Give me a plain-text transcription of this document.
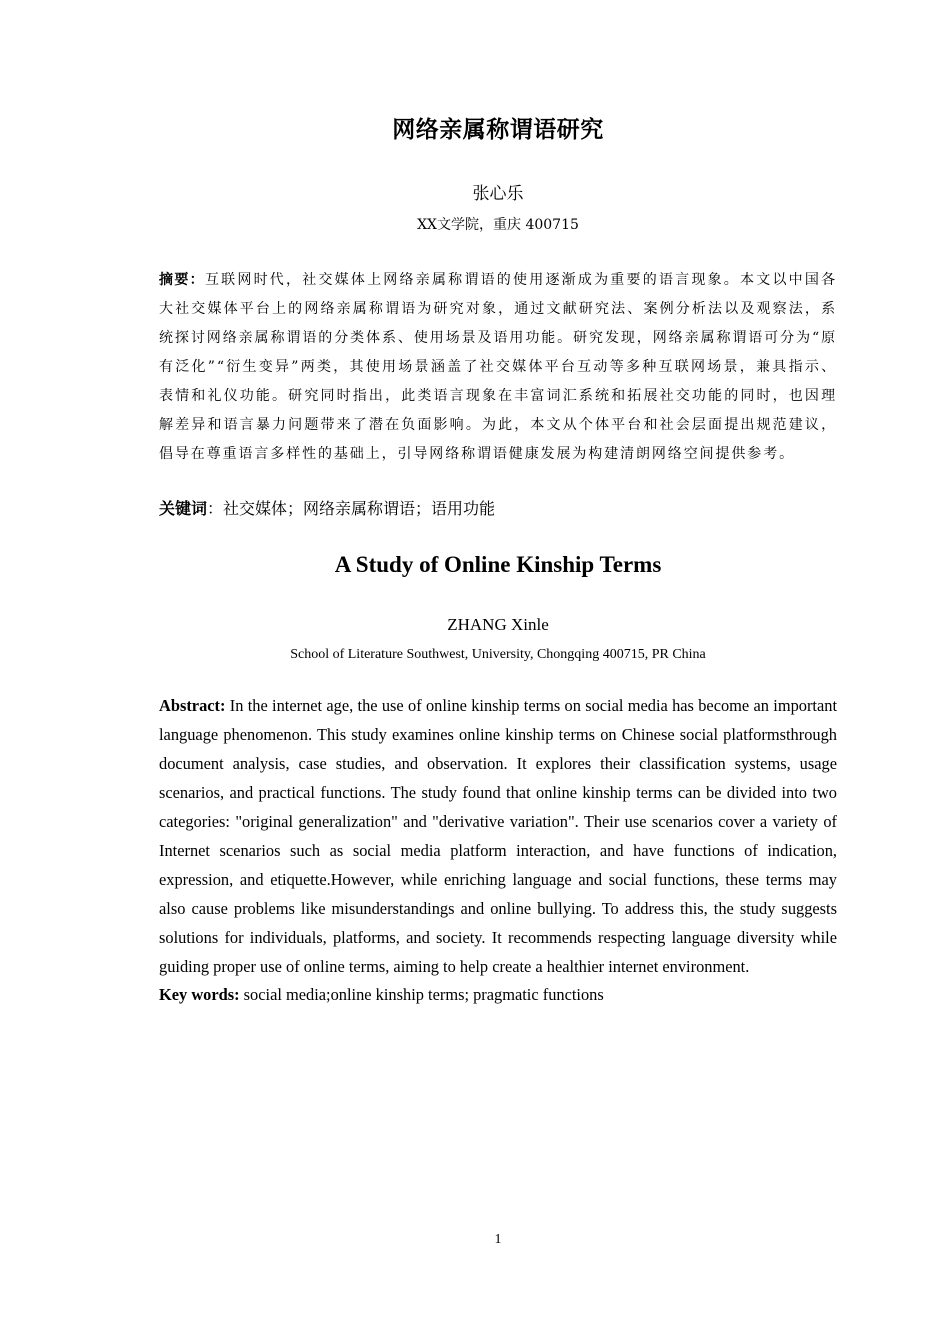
网络亲属称谓语研究
张心乐
XX文学院，重庆 400715

摘要：互联网时代，社交媒体上网络亲属称谓语的使用逐渐成为重要的语言现象。本文以中国各大社交媒体平台上的网络亲属称谓语为研究对象，通过文献研究法、案例分析法以及观察法，系统探讨网络亲属称谓语的分类体系、使用场景及语用功能。研究发现，网络亲属称谓语可分为“原有泛化”“衍生变异”两类，其使用场景涵盖了社交媒体平台互动等多种互联网场景，兼具指示、表情和礼仪功能。研究同时指出，此类语言现象在丰富词汇系统和拓展社交功能的同时，也因理解差异和语言暴力问题带来了潜在负面影响。为此，本文从个体平台和社会层面提出规范建议，倡导在尊重语言多样性的基础上，引导网络称谓语健康发展为构建清朗网络空间提供参考。

关键词：社交媒体；网络亲属称谓语；语用功能

A Study of Online Kinship Terms
ZHANG Xinle
School of Literature Southwest, University, Chongqing 400715, PR China

Abstract: In the internet age, the use of online kinship terms on social media has become an important language phenomenon. This study examines online kinship terms on Chinese social platformsthrough document analysis, case studies, and observation. It explores their classification systems, usage scenarios, and practical functions. The study found that online kinship terms can be divided into two categories: "original generalization" and "derivative variation". Their use scenarios cover a variety of Internet scenarios such as social media platform interaction, and have functions of indication, expression, and etiquette.However, while enriching language and social functions, these terms may also cause problems like misunderstandings and online bullying. To address this, the study suggests solutions for individuals, platforms, and society. It recommends respecting language diversity while guiding proper use of online terms, aiming to help create a healthier internet environment.

Key words: social media;online kinship terms; pragmatic functions

1
